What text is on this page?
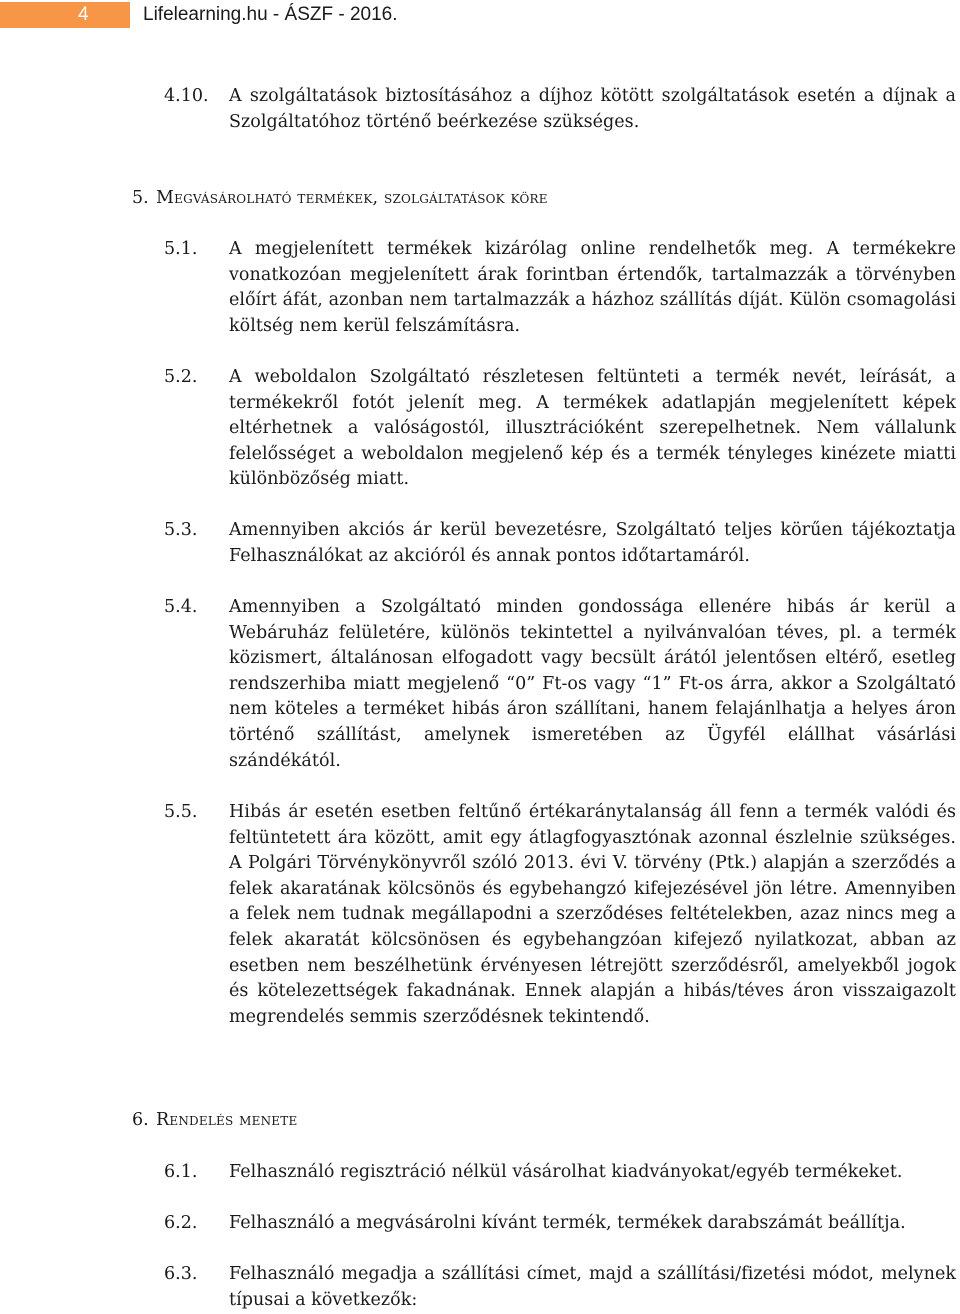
4	Lifelearning.hu - ÁSZF - 2016.
4.10. A szolgáltatások biztosításához a díjhoz kötött szolgáltatások esetén a díjnak a Szolgáltatóhoz történő beérkezése szükséges.
5. Megvásárolható termékek, szolgáltatások köre
5.1. A megjelenített termékek kizárólag online rendelhetők meg. A termékekre vonatkozóan megjelenített árak forintban értendők, tartalmazzák a törvényben előírt áfát, azonban nem tartalmazzák a házhoz szállítás díját. Külön csomagolási költség nem kerül felszámításra.
5.2. A weboldalon Szolgáltató részletesen feltünteti a termék nevét, leírását, a termékekről fotót jelenít meg. A termékek adatlapján megjelenített képek eltérhetnek a valóságostól, illusztrációként szerepelhetnek. Nem vállalunk felelősséget a weboldalon megjelenő kép és a termék tényleges kinézete miatti különbözőség miatt.
5.3. Amennyiben akciós ár kerül bevezetésre, Szolgáltató teljes körűen tájékoztatja Felhasználókat az akcióról és annak pontos időtartamáról.
5.4. Amennyiben a Szolgáltató minden gondossága ellenére hibás ár kerül a Webáruház felületére, különös tekintettel a nyilvánvalóan téves, pl. a termék közismert, általánosan elfogadott vagy becsült árától jelentősen eltérő, esetleg rendszerhiba miatt megjelenő “0” Ft-os vagy “1” Ft-os árra, akkor a Szolgáltató nem köteles a terméket hibás áron szállítani, hanem felajánlhatja a helyes áron történő szállítást, amelynek ismeretében az Ügyfél elállhat vásárlási szándékától.
5.5. Hibás ár esetén esetben feltűnő értékaránytalanság áll fenn a termék valódi és feltüntetett ára között, amit egy átlagfogyasztónak azonnal észlelnie szükséges. A Polgári Törvénykönyvről szóló 2013. évi V. törvény (Ptk.) alapján a szerződés a felek akaratának kölcsönös és egybehangzó kifejezésével jön létre. Amennyiben a felek nem tudnak megállapodni a szerződéses feltételekben, azaz nincs meg a felek akaratát kölcsönösen és egybehangzóan kifejező nyilatkozat, abban az esetben nem beszélhetünk érvényesen létrejött szerződésről, amelyekből jogok és kötelezettségek fakadnának. Ennek alapján a hibás/téves áron visszaigazolt megrendelés semmis szerződésnek tekintendő.
6. Rendelés menete
6.1. Felhasználó regisztráció nélkül vásárolhat kiadványokat/egyéb termékeket.
6.2. Felhasználó a megvásárolni kívánt termék, termékek darabszámát beállítja.
6.3. Felhasználó megadja a szállítási címet, majd a szállítási/fizetési módot, melynek típusai a következők:
